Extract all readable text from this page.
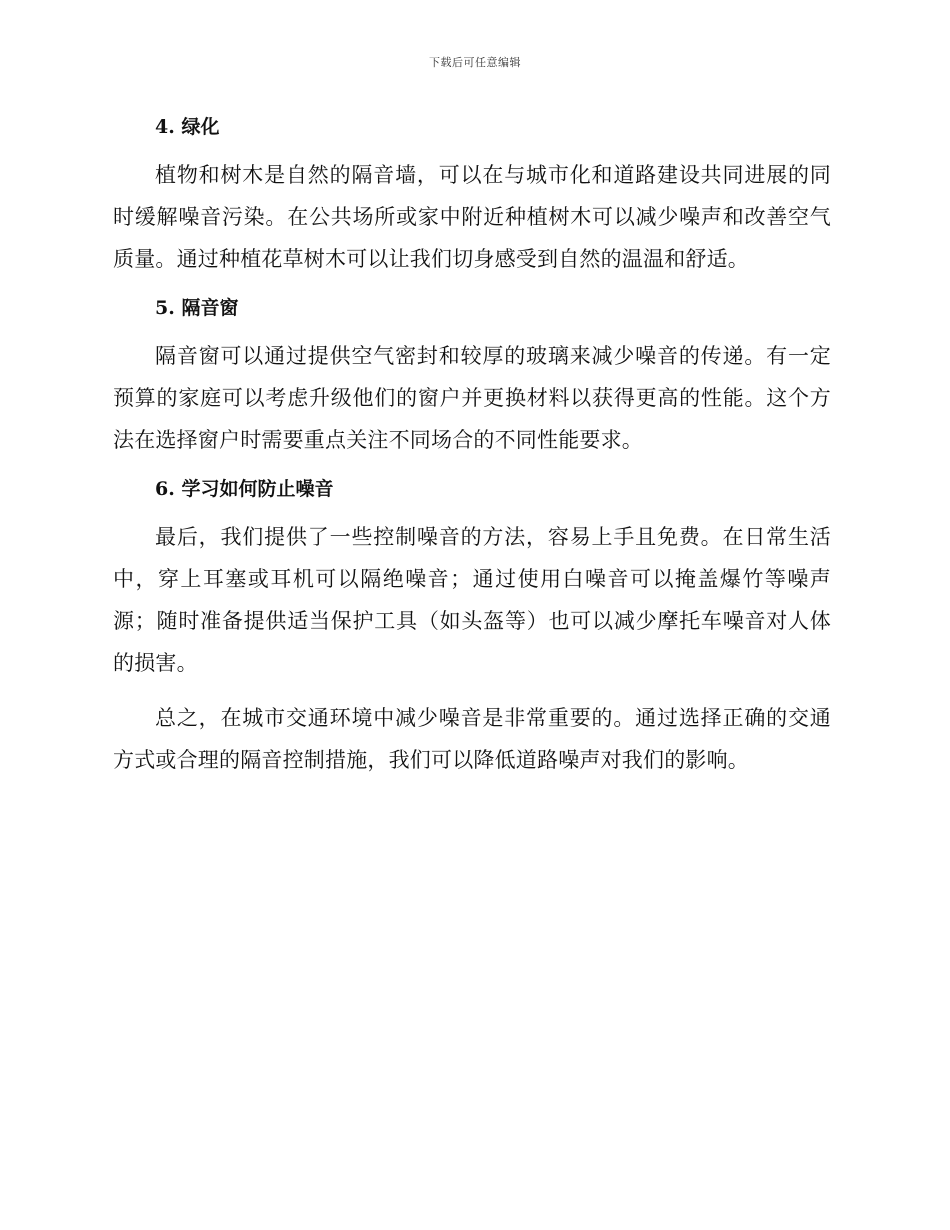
下载后可任意编辑
4. 绿化

植物和树木是自然的隔音墙，可以在与城市化和道路建设共同进展的同时缓解噪音污染。在公共场所或家中附近种植树木可以减少噪声和改善空气质量。通过种植花草树木可以让我们切身感受到自然的温温和舒适。

5. 隔音窗

隔音窗可以通过提供空气密封和较厚的玻璃来减少噪音的传递。有一定预算的家庭可以考虑升级他们的窗户并更换材料以获得更高的性能。这个方法在选择窗户时需要重点关注不同场合的不同性能要求。

6. 学习如何防止噪音

最后，我们提供了一些控制噪音的方法，容易上手且免费。在日常生活中，穿上耳塞或耳机可以隔绝噪音；通过使用白噪音可以掩盖爆竹等噪声源；随时准备提供适当保护工具（如头盔等）也可以减少摩托车噪音对人体的损害。

总之，在城市交通环境中减少噪音是非常重要的。通过选择正确的交通方式或合理的隔音控制措施，我们可以降低道路噪声对我们的影响。
